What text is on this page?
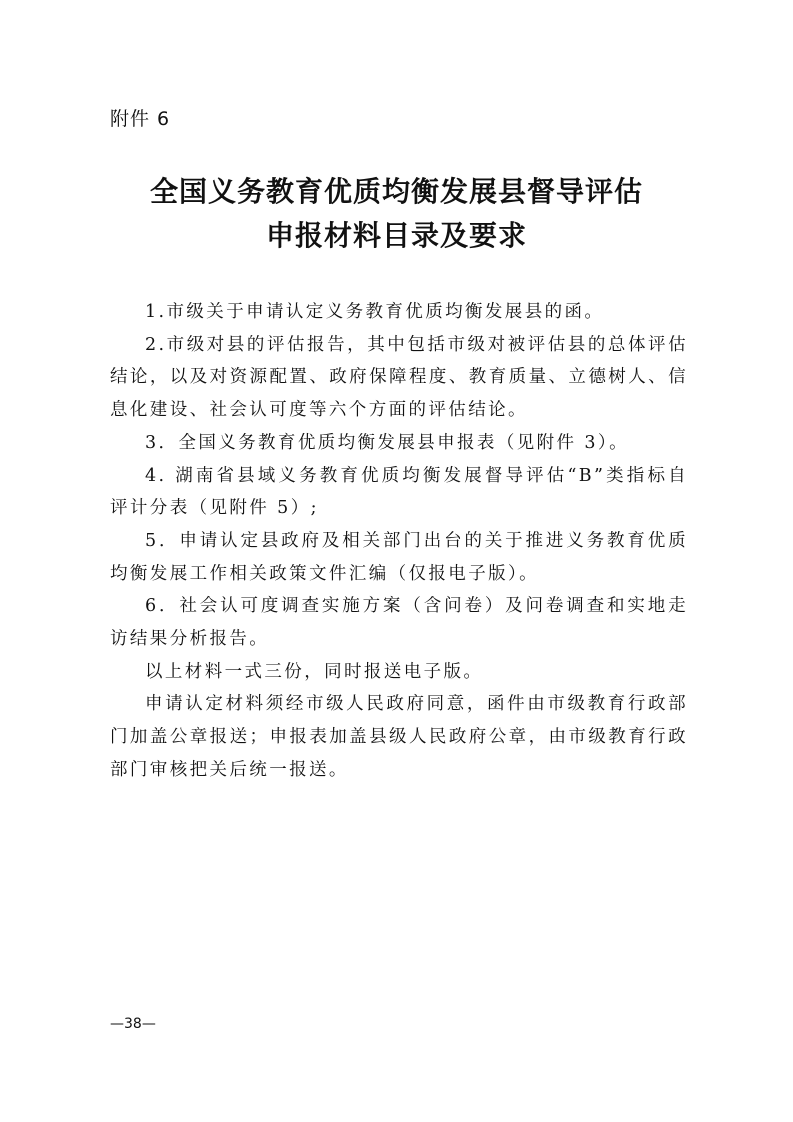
附件 6
全国义务教育优质均衡发展县督导评估
申报材料目录及要求

1.市级关于申请认定义务教育优质均衡发展县的函。

2.市级对县的评估报告，其中包括市级对被评估县的总体评估结论，以及对资源配置、政府保障程度、教育质量、立德树人、信息化建设、社会认可度等六个方面的评估结论。

3．全国义务教育优质均衡发展县申报表（见附件 3）。

4. 湖南省县域义务教育优质均衡发展督导评估“B”类指标自评计分表（见附件 5）;

5．申请认定县政府及相关部门出台的关于推进义务教育优质均衡发展工作相关政策文件汇编（仅报电子版）。

6．社会认可度调查实施方案（含问卷）及问卷调查和实地走访结果分析报告。

以上材料一式三份，同时报送电子版。

申请认定材料须经市级人民政府同意，函件由市级教育行政部门加盖公章报送；申报表加盖县级人民政府公章，由市级教育行政部门审核把关后统一报送。

—38—
